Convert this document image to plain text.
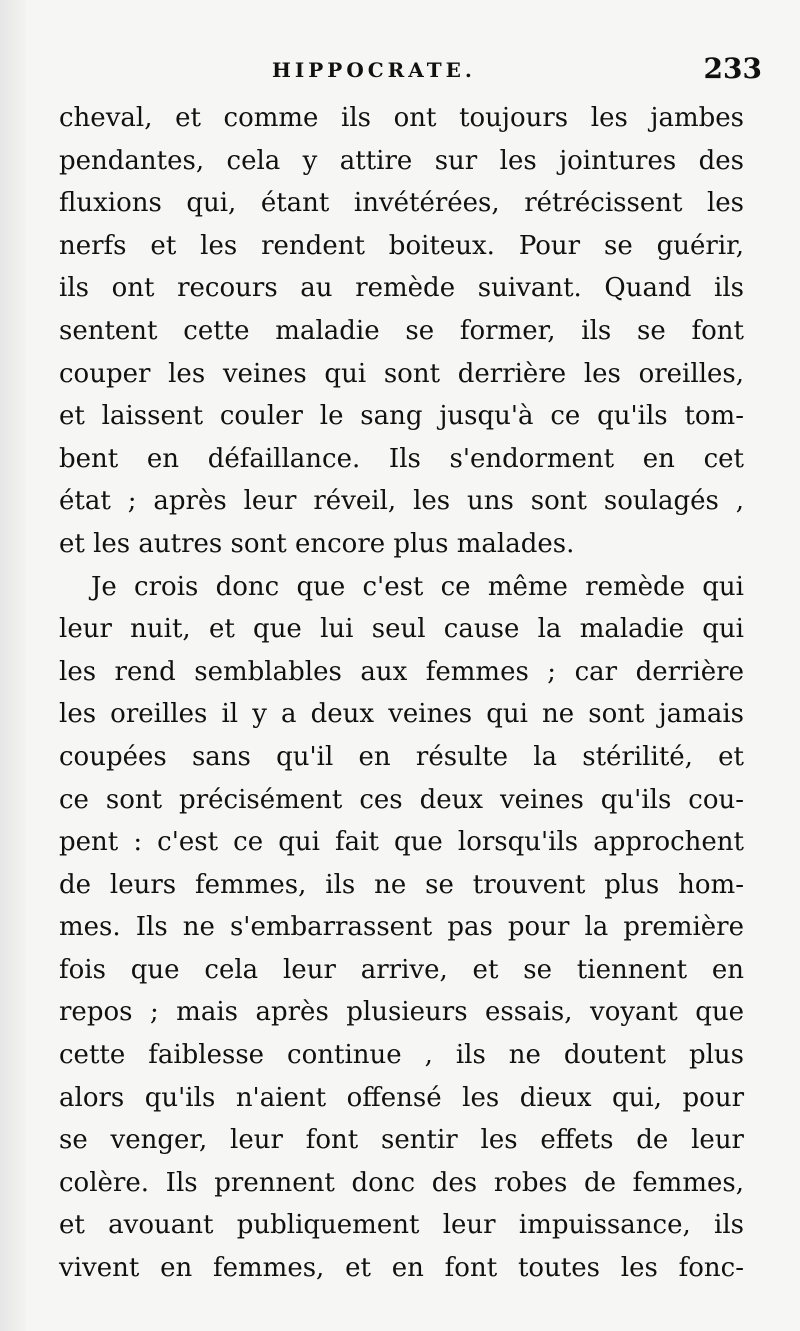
HIPPOCRATE.	233
cheval, et comme ils ont toujours les jambes
pendantes, cela y attire sur les jointures des
fluxions qui, étant invétérées, rétrécissent les
nerfs et les rendent boiteux. Pour se guérir,
ils ont recours au remède suivant. Quand ils
sentent cette maladie se former, ils se font
couper les veines qui sont derrière les oreilles,
et laissent couler le sang jusqu'à ce qu'ils tom-
bent en défaillance. Ils s'endorment en cet
état ; après leur réveil, les uns sont soulagés ,
et les autres sont encore plus malades.
Je crois donc que c'est ce même remède qui
leur nuit, et que lui seul cause la maladie qui
les rend semblables aux femmes ; car derrière
les oreilles il y a deux veines qui ne sont jamais
coupées sans qu'il en résulte la stérilité, et
ce sont précisément ces deux veines qu'ils cou-
pent : c'est ce qui fait que lorsqu'ils approchent
de leurs femmes, ils ne se trouvent plus hom-
mes. Ils ne s'embarrassent pas pour la première
fois que cela leur arrive, et se tiennent en
repos ; mais après plusieurs essais, voyant que
cette faiblesse continue , ils ne doutent plus
alors qu'ils n'aient offensé les dieux qui, pour
se venger, leur font sentir les effets de leur
colère. Ils prennent donc des robes de femmes,
et avouant publiquement leur impuissance, ils
vivent en femmes, et en font toutes les fonc-
